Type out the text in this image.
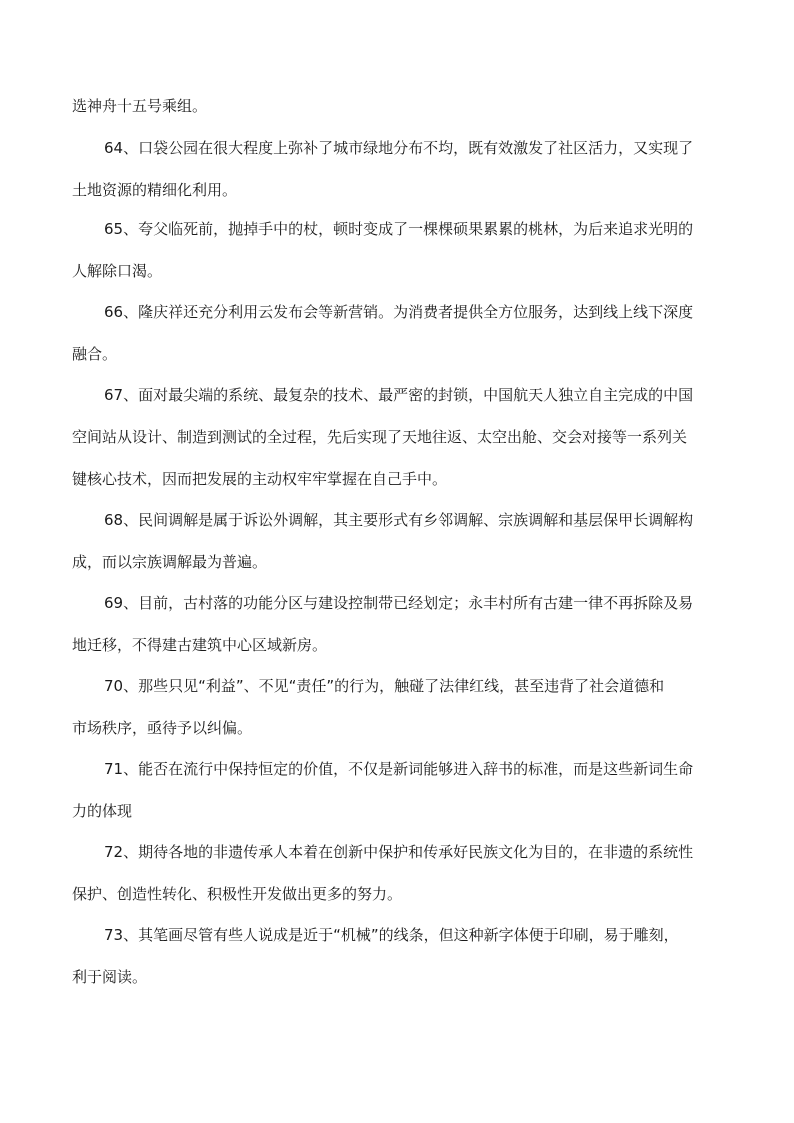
选神舟十五号乘组。
64、口袋公园在很大程度上弥补了城市绿地分布不均，既有效激发了社区活力，又实现了
土地资源的精细化利用。
65、夸父临死前，抛掉手中的杖，顿时变成了一棵棵硕果累累的桃林，为后来追求光明的
人解除口渴。
66、隆庆祥还充分利用云发布会等新营销。为消费者提供全方位服务，达到线上线下深度
融合。
67、面对最尖端的系统、最复杂的技术、最严密的封锁，中国航天人独立自主完成的中国
空间站从设计、制造到测试的全过程，先后实现了天地往返、太空出舱、交会对接等一系列关
键核心技术，因而把发展的主动权牢牢掌握在自己手中。
68、民间调解是属于诉讼外调解，其主要形式有乡邻调解、宗族调解和基层保甲长调解构
成，而以宗族调解最为普遍。
69、目前，古村落的功能分区与建设控制带已经划定；永丰村所有古建一律不再拆除及易
地迁移，不得建古建筑中心区域新房。
70、那些只见“利益”、不见“责任”的行为，触碰了法律红线，甚至违背了社会道德和
市场秩序，亟待予以纠偏。
71、能否在流行中保持恒定的价值，不仅是新词能够进入辞书的标准，而是这些新词生命
力的体现
72、期待各地的非遗传承人本着在创新中保护和传承好民族文化为目的，在非遗的系统性
保护、创造性转化、积极性开发做出更多的努力。
73、其笔画尽管有些人说成是近于“机械”的线条，但这种新字体便于印刷，易于雕刻，
利于阅读。
